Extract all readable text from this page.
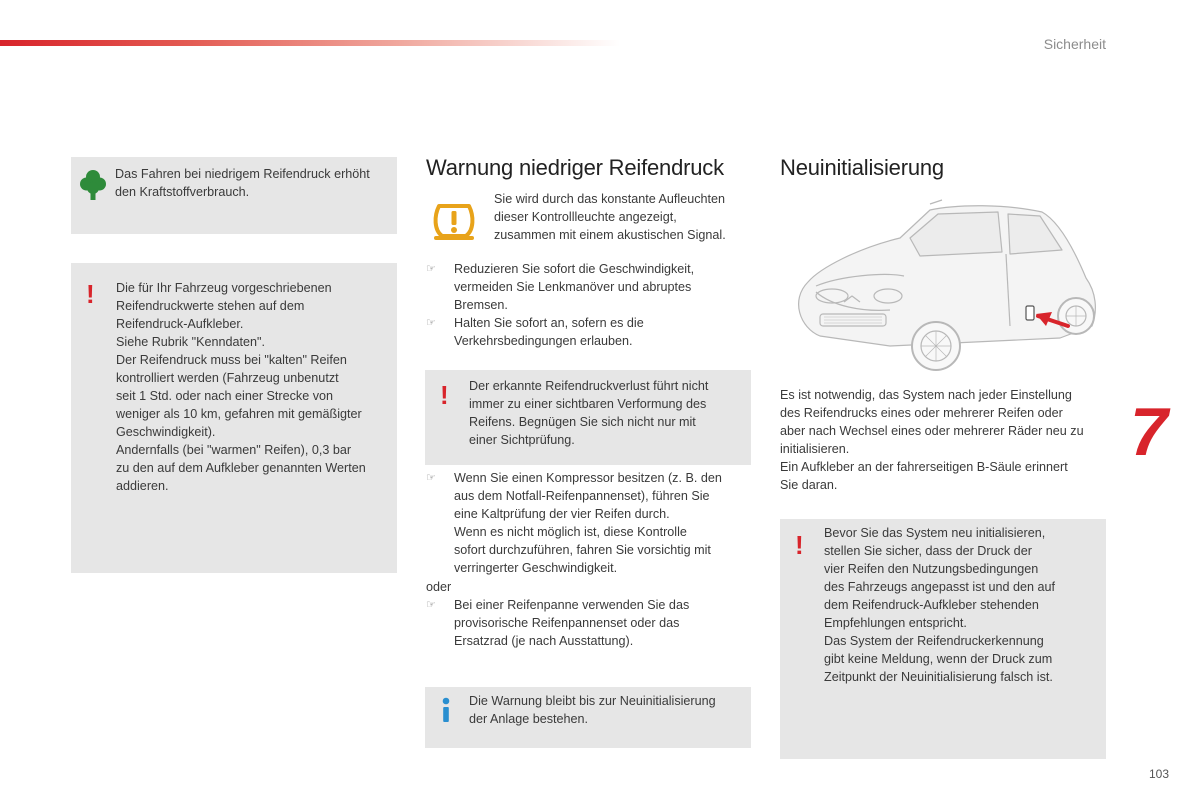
Sicherheit

Das Fahren bei niedrigem Reifendruck erhöht
den Kraftstoffverbrauch.

! Die für Ihr Fahrzeug vorgeschriebenen
Reifendruckwerte stehen auf dem
Reifendruck-Aufkleber.
Siehe Rubrik "Kenndaten".
Der Reifendruck muss bei "kalten" Reifen
kontrolliert werden (Fahrzeug unbenutzt
seit 1 Std. oder nach einer Strecke von
weniger als 10 km, gefahren mit gemäßigter
Geschwindigkeit).
Andernfalls (bei "warmen" Reifen), 0,3 bar
zu den auf dem Aufkleber genannten Werten
addieren.

Warnung niedriger Reifendruck

Sie wird durch das konstante Aufleuchten
dieser Kontrollleuchte angezeigt,
zusammen mit einem akustischen Signal.

☞ Reduzieren Sie sofort die Geschwindigkeit,
vermeiden Sie Lenkmanöver und abruptes
Bremsen.
☞ Halten Sie sofort an, sofern es die
Verkehrsbedingungen erlauben.
! Der erkannte Reifendruckverlust führt nicht
immer zu einer sichtbaren Verformung des
Reifens. Begnügen Sie sich nicht nur mit
einer Sichtprüfung.

☞ Wenn Sie einen Kompressor besitzen (z. B. den
aus dem Notfall-Reifenpannenset), führen Sie
eine Kaltprüfung der vier Reifen durch.
Wenn es nicht möglich ist, diese Kontrolle
sofort durchzuführen, fahren Sie vorsichtig mit
verringerter Geschwindigkeit.

oder

☞ Bei einer Reifenpanne verwenden Sie das
provisorische Reifenpannenset oder das
Ersatzrad (je nach Ausstattung).

Die Warnung bleibt bis zur Neuinitialisierung
der Anlage bestehen.

Neuinitialisierung

Es ist notwendig, das System nach jeder Einstellung
des Reifendrucks eines oder mehrerer Reifen oder
aber nach Wechsel eines oder mehrerer Räder neu zu
initialisieren.
Ein Aufkleber an der fahrerseitigen B-Säule erinnert
Sie daran.

! Bevor Sie das System neu initialisieren,
stellen Sie sicher, dass der Druck der
vier Reifen den Nutzungsbedingungen
des Fahrzeugs angepasst ist und den auf
dem Reifendruck-Aufkleber stehenden
Empfehlungen entspricht.
Das System der Reifendruckerkennung
gibt keine Meldung, wenn der Druck zum
Zeitpunkt der Neuinitialisierung falsch ist.

7
103
